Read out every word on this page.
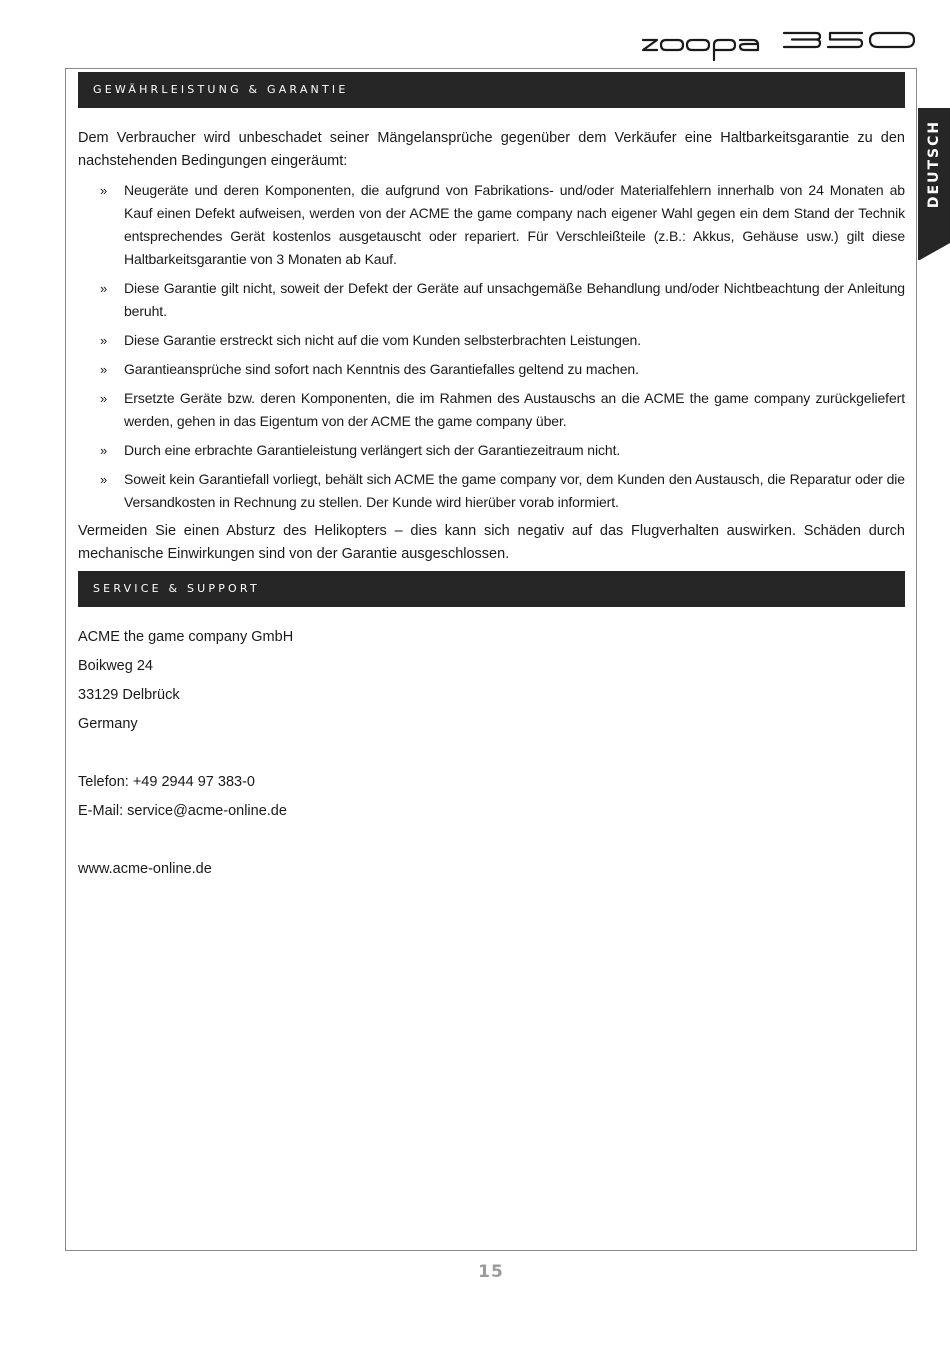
DEUTSCH
GEWÄHRLEISTUNG & GARANTIE

Dem Verbraucher wird unbeschadet seiner Mängelansprüche gegenüber dem Verkäufer eine Haltbarkeitsgarantie zu den nachstehenden Bedingungen eingeräumt:

» Neugeräte und deren Komponenten, die aufgrund von Fabrikations- und/oder Materialfehlern innerhalb von 24 Monaten ab Kauf einen Defekt aufweisen, werden von der ACME the game company nach eigener Wahl gegen ein dem Stand der Technik entsprechendes Gerät kostenlos ausgetauscht oder repariert. Für Verschleißteile (z.B.: Akkus, Gehäuse usw.) gilt diese Haltbarkeitsgarantie von 3 Monaten ab Kauf.
» Diese Garantie gilt nicht, soweit der Defekt der Geräte auf unsachgemäße Behandlung und/oder Nichtbeachtung der Anleitung beruht.
» Diese Garantie erstreckt sich nicht auf die vom Kunden selbsterbrachten Leistungen.
» Garantieansprüche sind sofort nach Kenntnis des Garantiefalles geltend zu machen.
» Ersetzte Geräte bzw. deren Komponenten, die im Rahmen des Austauschs an die ACME the game company zurückgeliefert werden, gehen in das Eigentum von der ACME the game company über.
» Durch eine erbrachte Garantieleistung verlängert sich der Garantiezeitraum nicht.
» Soweit kein Garantiefall vorliegt, behält sich ACME the game company vor, dem Kunden den Austausch, die Reparatur oder die Versandkosten in Rechnung zu stellen. Der Kunde wird hierüber vorab informiert.

Vermeiden Sie einen Absturz des Helikopters – dies kann sich negativ auf das Flugverhalten auswirken. Schäden durch mechanische Einwirkungen sind von der Garantie ausgeschlossen.

SERVICE & SUPPORT
ACME the game company GmbH
Boikweg 24
33129 Delbrück
Germany
Telefon: +49 2944 97 383-0
E-Mail: service@acme-online.de
www.acme-online.de
15
